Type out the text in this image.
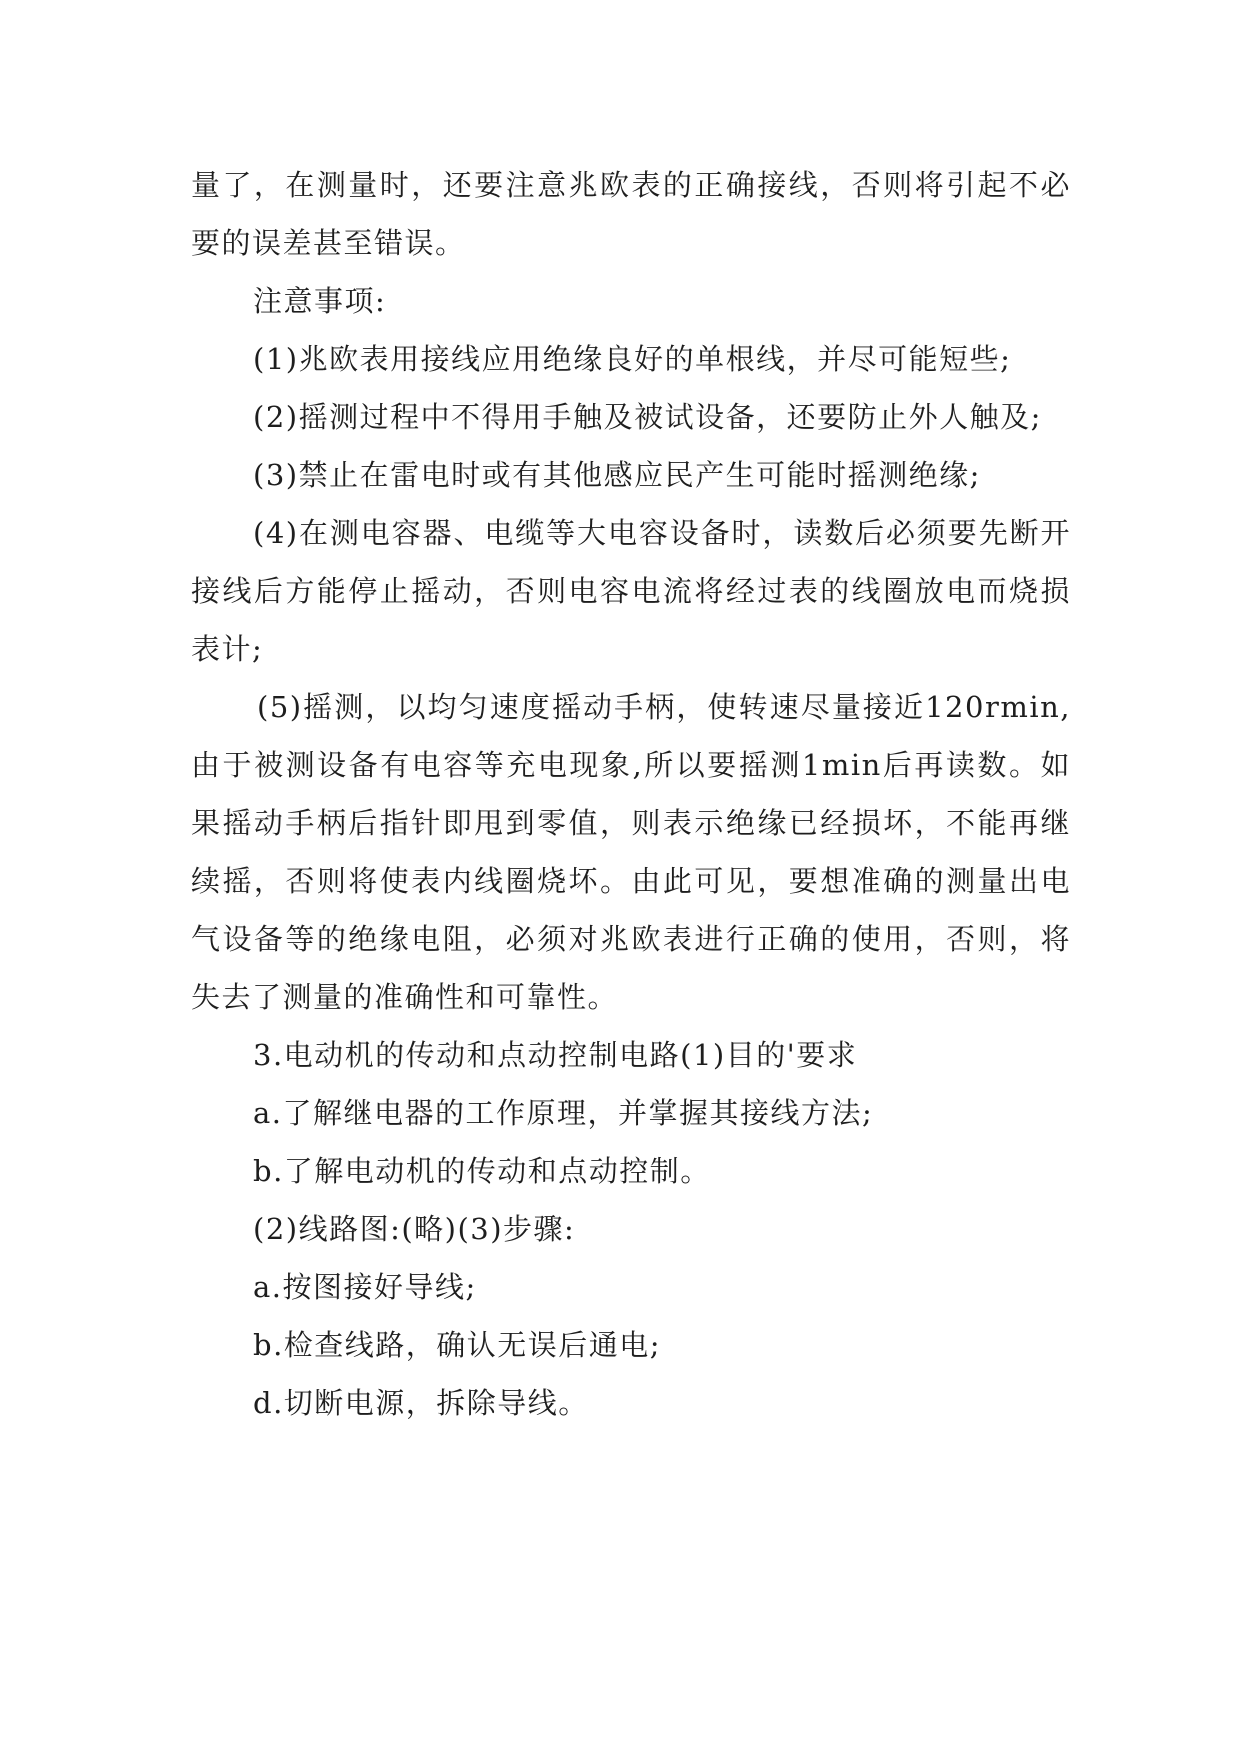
量了，在测量时，还要注意兆欧表的正确接线，否则将引起不必要的误差甚至错误。

注意事项:

(1)兆欧表用接线应用绝缘良好的单根线，并尽可能短些;

(2)摇测过程中不得用手触及被试设备，还要防止外人触及;

(3)禁止在雷电时或有其他感应民产生可能时摇测绝缘;

(4)在测电容器、电缆等大电容设备时，读数后必须要先断开接线后方能停止摇动，否则电容电流将经过表的线圈放电而烧损表计;

(5)摇测，以均匀速度摇动手柄，使转速尽量接近120rmin,由于被测设备有电容等充电现象,所以要摇测1min后再读数。如果摇动手柄后指针即甩到零值，则表示绝缘已经损坏，不能再继续摇，否则将使表内线圈烧坏。由此可见，要想准确的测量出电气设备等的绝缘电阻，必须对兆欧表进行正确的使用，否则，将失去了测量的准确性和可靠性。

3.电动机的传动和点动控制电路(1)目的'要求

a.了解继电器的工作原理，并掌握其接线方法;

b.了解电动机的传动和点动控制。

(2)线路图:(略)(3)步骤:

a.按图接好导线;

b.检查线路，确认无误后通电;

d.切断电源，拆除导线。
